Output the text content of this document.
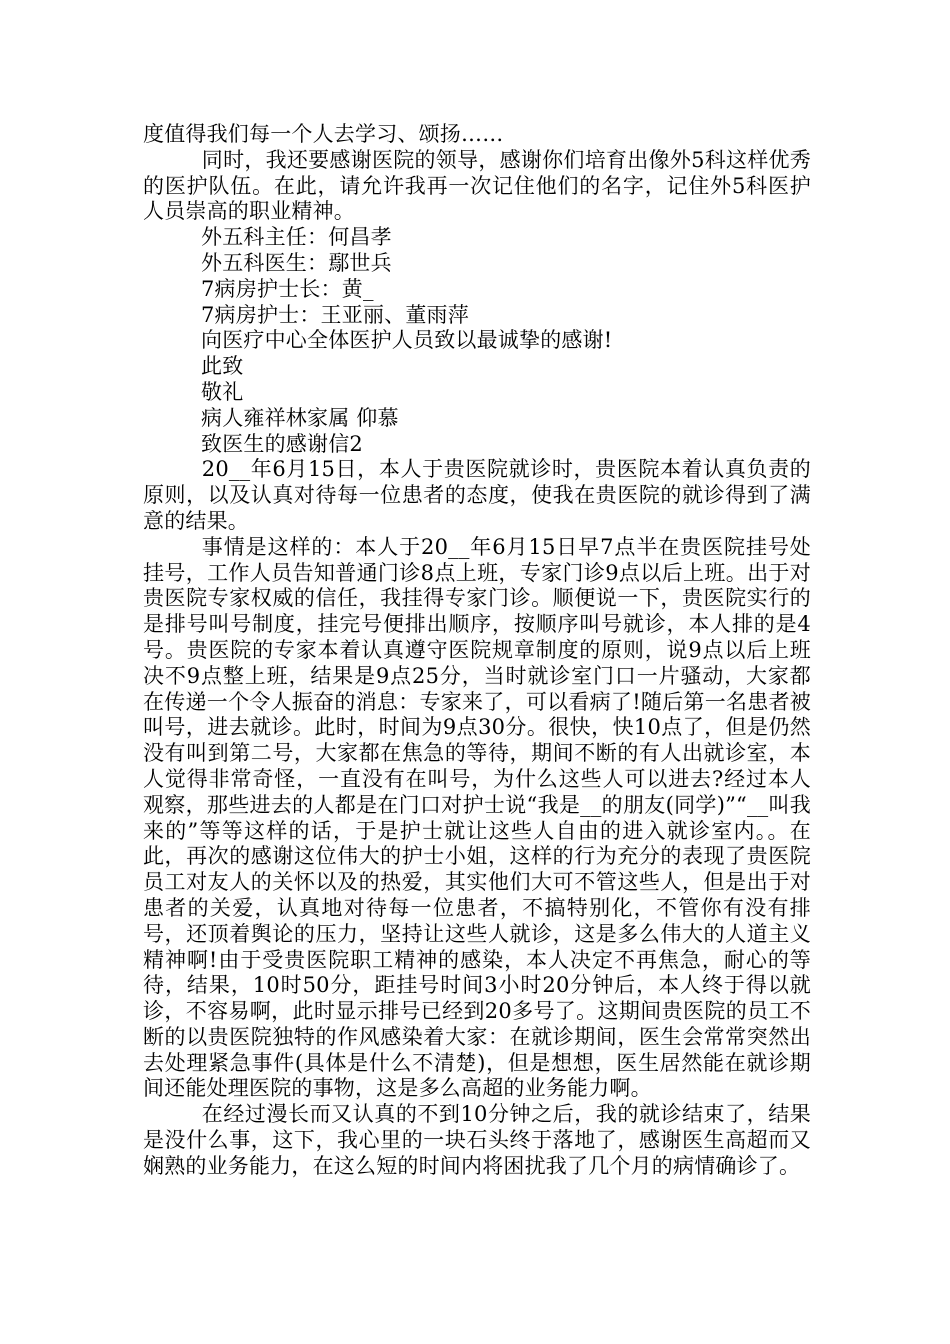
度值得我们每一个人去学习、颂扬……

同时，我还要感谢医院的领导，感谢你们培育出像外5科这样优秀的医护队伍。在此，请允许我再一次记住他们的名字，记住外5科医护人员崇高的职业精神。

外五科主任：何昌孝

外五科医生：鄢世兵

7病房护士长：黄_

7病房护士：王亚丽、董雨萍

向医疗中心全体医护人员致以最诚挚的感谢!

此致

敬礼

病人雍祥林家属 仰慕

致医生的感谢信2

20__年6月15日，本人于贵医院就诊时，贵医院本着认真负责的原则，以及认真对待每一位患者的态度，使我在贵医院的就诊得到了满意的结果。

事情是这样的：本人于20__年6月15日早7点半在贵医院挂号处挂号，工作人员告知普通门诊8点上班，专家门诊9点以后上班。出于对贵医院专家权威的信任，我挂得专家门诊。顺便说一下，贵医院实行的是排号叫号制度，挂完号便排出顺序，按顺序叫号就诊，本人排的是4号。贵医院的专家本着认真遵守医院规章制度的原则，说9点以后上班决不9点整上班，结果是9点25分，当时就诊室门口一片骚动，大家都在传递一个令人振奋的消息：专家来了，可以看病了!随后第一名患者被叫号，进去就诊。此时，时间为9点30分。很快，快10点了，但是仍然没有叫到第二号，大家都在焦急的等待，期间不断的有人出就诊室，本人觉得非常奇怪，一直没有在叫号，为什么这些人可以进去?经过本人观察，那些进去的人都是在门口对护士说“我是__的朋友(同学)”“__叫我来的”等等这样的话，于是护士就让这些人自由的进入就诊室内。。在此，再次的感谢这位伟大的护士小姐，这样的行为充分的表现了贵医院员工对友人的关怀以及的热爱，其实他们大可不管这些人，但是出于对患者的关爱，认真地对待每一位患者，不搞特别化，不管你有没有排号，还顶着舆论的压力，坚持让这些人就诊，这是多么伟大的人道主义精神啊!由于受贵医院职工精神的感染，本人决定不再焦急，耐心的等待，结果，10时50分，距挂号时间3小时20分钟后，本人终于得以就诊，不容易啊，此时显示排号已经到20多号了。这期间贵医院的员工不断的以贵医院独特的作风感染着大家：在就诊期间，医生会常常突然出去处理紧急事件(具体是什么不清楚)，但是想想，医生居然能在就诊期间还能处理医院的事物，这是多么高超的业务能力啊。

在经过漫长而又认真的不到10分钟之后，我的就诊结束了，结果是没什么事，这下，我心里的一块石头终于落地了，感谢医生高超而又娴熟的业务能力，在这么短的时间内将困扰我了几个月的病情确诊了。
